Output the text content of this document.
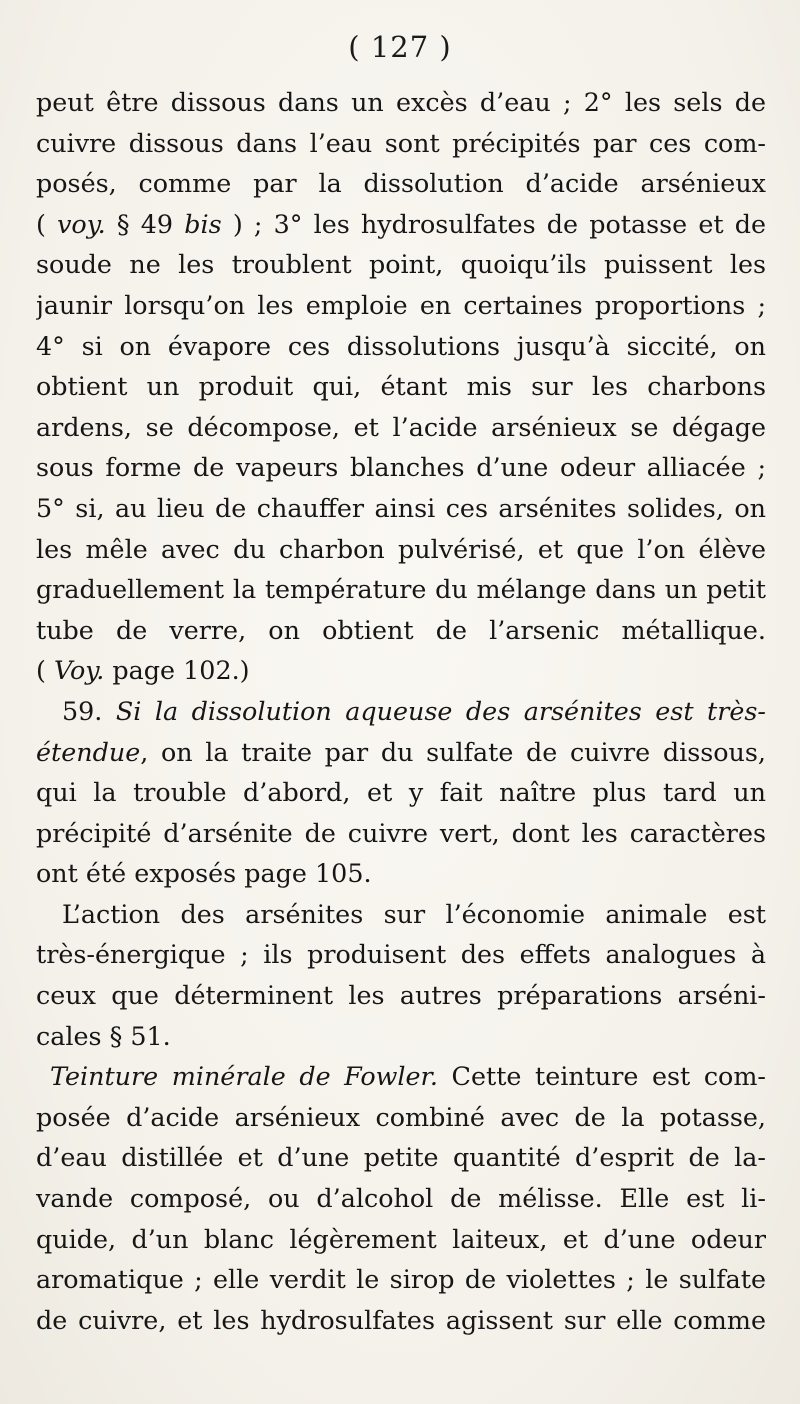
( 127 )
peut être dissous dans un excès d’eau ; 2° les sels de
cuivre dissous dans l’eau sont précipités par ces com-
posés, comme par la dissolution d’acide arsénieux
( voy. § 49 bis ) ; 3° les hydrosulfates de potasse et de
soude ne les troublent point, quoiqu’ils puissent les
jaunir lorsqu’on les emploie en certaines proportions ;
4° si on évapore ces dissolutions jusqu’à siccité, on
obtient un produit qui, étant mis sur les charbons
ardens, se décompose, et l’acide arsénieux se dégage
sous forme de vapeurs blanches d’une odeur alliacée ;
5° si, au lieu de chauffer ainsi ces arsénites solides, on
les mêle avec du charbon pulvérisé, et que l’on élève
graduellement la température du mélange dans un petit
tube de verre, on obtient de l’arsenic métallique.
( Voy. page 102.)
59. Si la dissolution aqueuse des arsénites est très-
étendue, on la traite par du sulfate de cuivre dissous,
qui la trouble d’abord, et y fait naître plus tard un
précipité d’arsénite de cuivre vert, dont les caractères
ont été exposés page 105.
L’action des arsénites sur l’économie animale est
très-énergique ; ils produisent des effets analogues à
ceux que déterminent les autres préparations arséni-
cales § 51.
Teinture minérale de Fowler. Cette teinture est com-
posée d’acide arsénieux combiné avec de la potasse,
d’eau distillée et d’une petite quantité d’esprit de la-
vande composé, ou d’alcohol de mélisse. Elle est li-
quide, d’un blanc légèrement laiteux, et d’une odeur
aromatique ; elle verdit le sirop de violettes ; le sulfate
de cuivre, et les hydrosulfates agissent sur elle comme
